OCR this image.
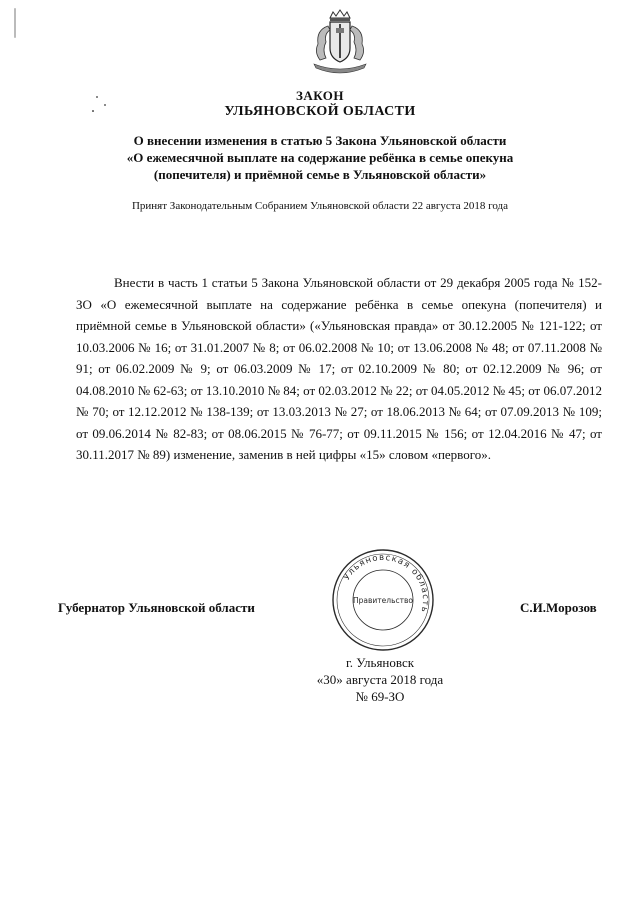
ЗАКОН
УЛЬЯНОВСКОЙ ОБЛАСТИ
О внесении изменения в статью 5 Закона Ульяновской области
«О ежемесячной выплате на содержание ребёнка в семье опекуна
(попечителя) и приёмной семье в Ульяновской области»
Принят Законодательным Собранием Ульяновской области 22 августа 2018 года

Внести в часть 1 статьи 5 Закона Ульяновской области от 29 декабря 2005 года № 152-ЗО «О ежемесячной выплате на содержание ребёнка в семье опекуна (попечителя) и приёмной семье в Ульяновской области» («Ульяновская правда» от 30.12.2005 № 121-122; от 10.03.2006 № 16; от 31.01.2007 № 8; от 06.02.2008 № 10; от 13.06.2008 № 48; от 07.11.2008 № 91; от 06.02.2009 № 9; от 06.03.2009 № 17; от 02.10.2009 № 80; от 02.12.2009 № 96; от 04.08.2010 № 62-63; от 13.10.2010 № 84; от 02.03.2012 № 22; от 04.05.2012 № 45; от 06.07.2012 № 70; от 12.12.2012 № 138-139; от 13.03.2013 № 27; от 18.06.2013 № 64; от 07.09.2013 № 109; от 09.06.2014 № 82-83; от 08.06.2015 № 76-77; от 09.11.2015 № 156; от 12.04.2016 № 47; от 30.11.2017 № 89) изменение, заменив в ней цифры «15» словом «первого».

Губернатор Ульяновской области
Ульяновская область
Правительство	С.И.Морозов
г. Ульяновск
«30» августа 2018 года
№ 69-ЗО
